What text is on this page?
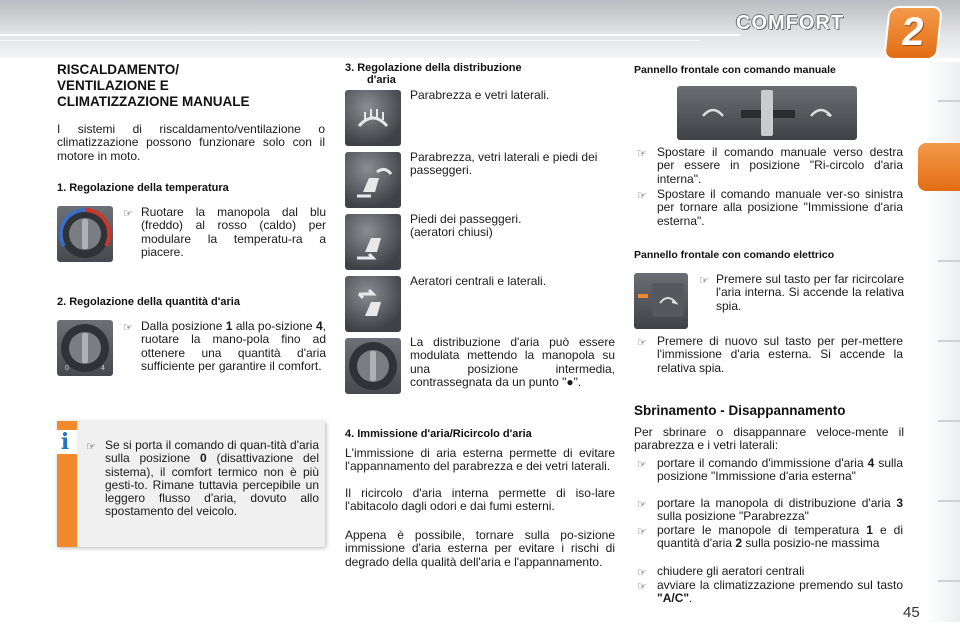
COMFORT	2
RISCALDAMENTO/
VENTILAZIONE E
CLIMATIZZAZIONE MANUALE

I sistemi di riscaldamento/ventilazione o climatizzazione possono funzionare solo con il motore in moto.

1. Regolazione della temperatura
☞ Ruotare la manopola dal blu (freddo) al rosso (caldo) per modulare la temperatu-ra a piacere.

2. Regolazione della quantità d'aria
0	4
☞ Dalla posizione 1 alla po-sizione 4, ruotare la mano-pola fino ad ottenere una quantità d'aria sufficiente per garantire il comfort.

i	☞ Se si porta il comando di quan-tità d'aria sulla posizione 0 (disattivazione del sistema), il comfort termico non è più gesti-to. Rimane tuttavia percepibile un leggero flusso d'aria, dovuto allo spostamento del veicolo.

3. Regolazione della distribuzione
d'aria

Parabrezza e vetri laterali.

Parabrezza, vetri laterali e piedi dei passeggeri.

Piedi dei passeggeri.
(aeratori chiusi)

Aeratori centrali e laterali.

La distribuzione d'aria può essere modulata mettendo la manopola su una posizione intermedia, contrassegnata da un punto "●".

4. Immissione d'aria/Ricircolo d'aria

L'immissione di aria esterna permette di evitare l'appannamento del parabrezza e dei vetri laterali.

Il ricircolo d'aria interna permette di iso-lare l'abitacolo dagli odori e dai fumi esterni.

Appena è possibile, tornare sulla po-sizione immissione d'aria esterna per evitare i rischi di degrado della qualità dell'aria e l'appannamento.

Pannello frontale con comando manuale
☞ Spostare il comando manuale verso destra per essere in posizione "Ri-circolo d'aria interna".

☞ Spostare il comando manuale ver-so sinistra per tornare alla posizione "Immissione d'aria esterna".

Pannello frontale con comando elettrico
☞ Premere sul tasto per far ricircolare l'aria interna. Si accende la relativa spia.

☞ Premere di nuovo sul tasto per per-mettere l'immissione d'aria esterna. Si accende la relativa spia.

Sbrinamento - Disappannamento

Per sbrinare o disappannare veloce-mente il parabrezza e i vetri laterali:

☞ portare il comando d'immissione d'aria 4 sulla posizione "Immissione d'aria esterna"

☞ portare la manopola di distribuzione d'aria 3 sulla posizione "Parabrezza"

☞ portare le manopole di temperatura 1 e di quantità d'aria 2 sulla posizio-ne massima

☞ chiudere gli aeratori centrali

☞ avviare la climatizzazione premendo sul tasto "A/C".

45
